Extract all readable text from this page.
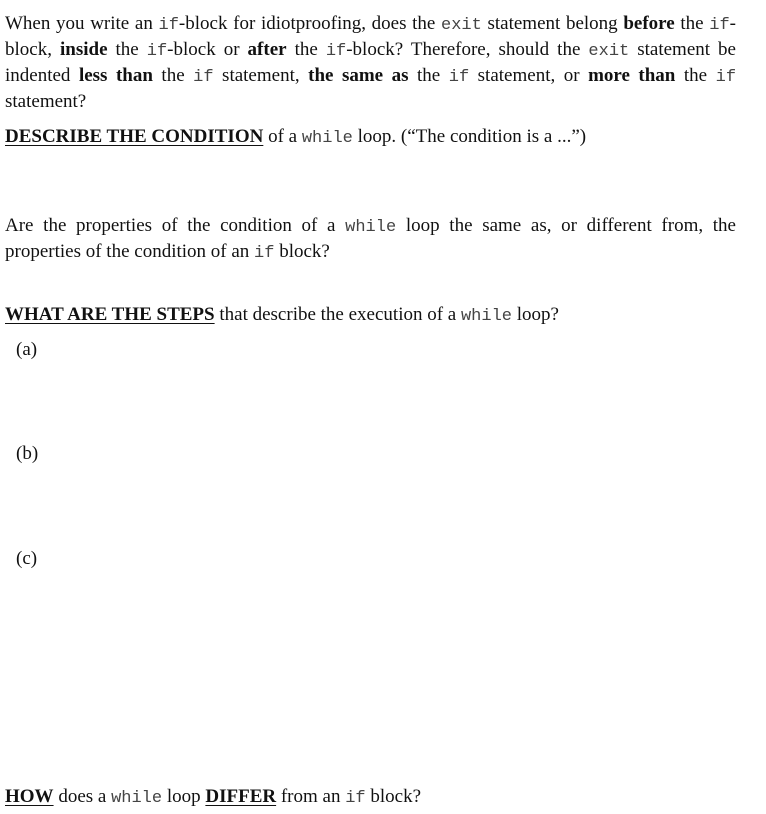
When you write an if-block for idiotproofing, does the exit statement belong before the if-block, inside the if-block or after the if-block? Therefore, should the exit statement be indented less than the if statement, the same as the if statement, or more than the if statement?

DESCRIBE THE CONDITION of a while loop. (“The condition is a ...”)

Are the properties of the condition of a while loop the same as, or different from, the properties of the condition of an if block?

WHAT ARE THE STEPS that describe the execution of a while loop?

(a)
(b)
(c)

HOW does a while loop DIFFER from an if block?
